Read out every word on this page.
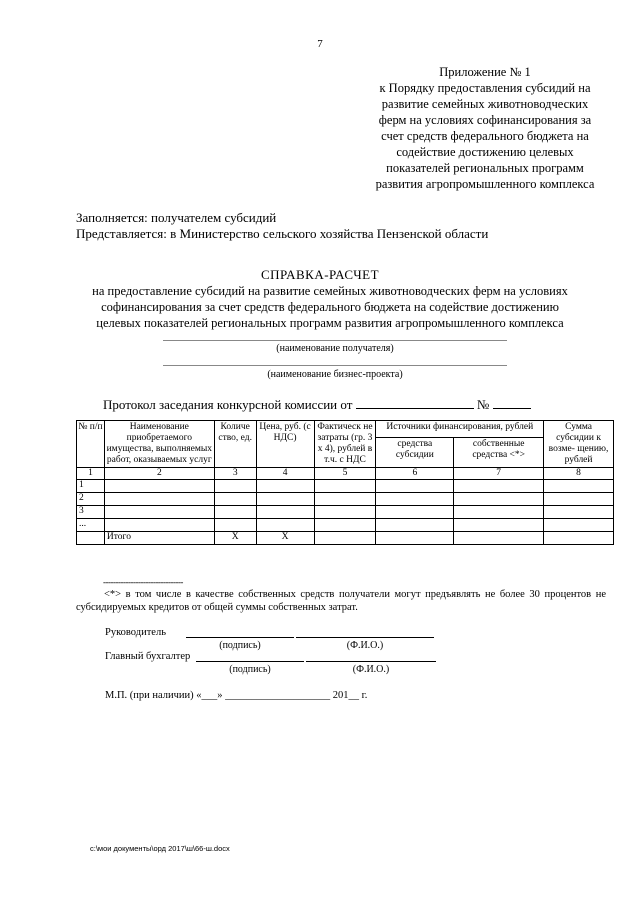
7
Приложение № 1
к Порядку предоставления субсидий на
развитие семейных животноводческих
ферм на условиях софинансирования за
счет средств федерального бюджета на
содействие достижению целевых
показателей региональных программ
развития агропромышленного комплекса
Заполняется: получателем субсидий
Представляется: в Министерство сельского хозяйства Пензенской области
СПРАВКА-РАСЧЕТ
на предоставление субсидий на развитие семейных животноводческих ферм на условиях
софинансирования за счет средств федерального бюджета на содействие достижению
целевых показателей региональных программ развития агропромышленного комплекса
(наименование получателя)
(наименование бизнес-проекта)
Протокол заседания конкурсной комиссии от	№
№ п/п	Наименование приобретаемого имущества, выполняемых работ, оказываемых услуг	Количе ство, ед.	Цена, руб. (с НДС)	Фактическ не затраты (гр. 3 х 4), рублей в т.ч. с НДС	Источники финансирования, рублей		Сумма субсидии к возме- щению, рублей
					средства субсидии	собственные средства <*>	
1	2	3	4	5	6	7	8
1							
2							
3							
...							
	Итого	X	X				
--------------------------------
<*> в том числе в качестве собственных средств получатели могут предъявлять не более 30 процентов не субсидируемых кредитов от общей суммы собственных затрат.
Руководитель
(подпись)	(Ф.И.О.)
Главный бухгалтер
(подпись)	(Ф.И.О.)
М.П. (при наличии) «___» ____________________ 201__ г.
c:\мои документы\орд 2017\ш\66-ш.docx
